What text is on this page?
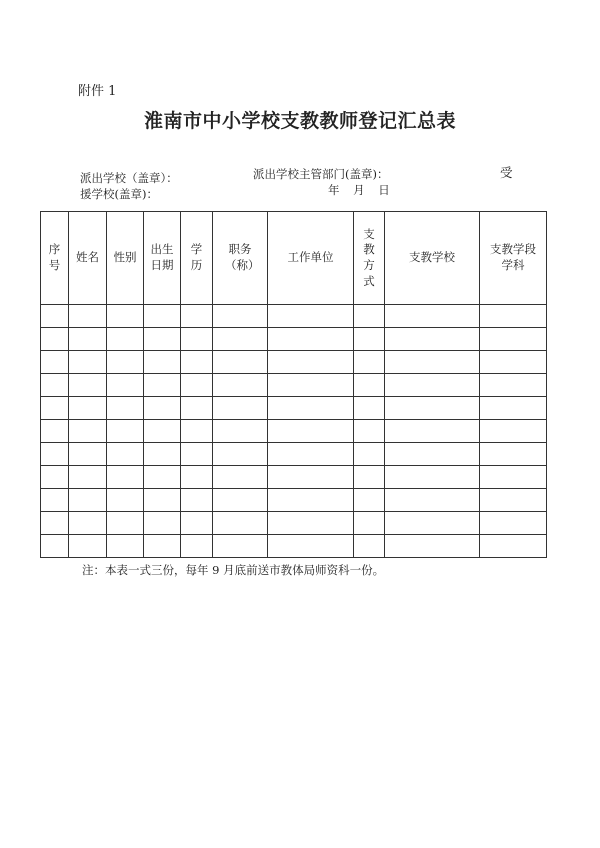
附件 1
淮南市中小学校支教教师登记汇总表
派出学校（盖章）：	派出学校主管部门(盖章)：	受
援学校(盖章)：	年 月 日
序号	姓名	性别	出生日期	学历	职务（称）	工作单位	支教方式	支教学校	支教学段学科

注：本表一式三份，每年 9 月底前送市教体局师资科一份。
